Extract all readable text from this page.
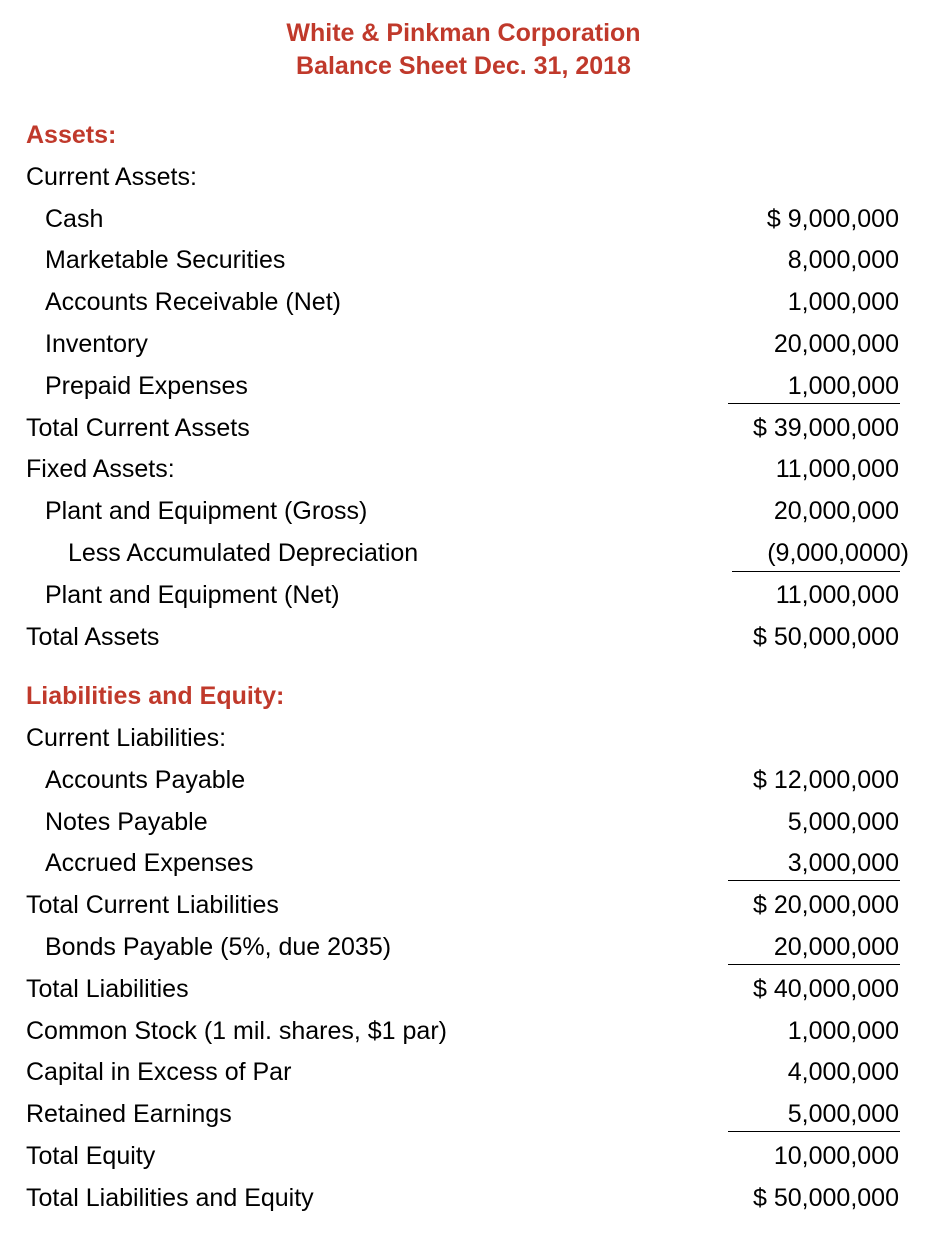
White & Pinkman Corporation
Balance Sheet Dec. 31, 2018
Assets:
Current Assets:
Cash	$ 9,000,000
Marketable Securities	8,000,000
Accounts Receivable (Net)	1,000,000
Inventory	20,000,000
Prepaid Expenses	1,000,000
Total Current Assets	$ 39,000,000
Fixed Assets:	11,000,000
Plant and Equipment (Gross)	20,000,000
Less Accumulated Depreciation	(9,000,0000)
Plant and Equipment (Net)	11,000,000
Total Assets	$ 50,000,000
Liabilities and Equity:
Current Liabilities:
Accounts Payable	$ 12,000,000
Notes Payable	5,000,000
Accrued Expenses	3,000,000
Total Current Liabilities	$ 20,000,000
Bonds Payable (5%, due 2035)	20,000,000
Total Liabilities	$ 40,000,000
Common Stock (1 mil. shares, $1 par)	1,000,000
Capital in Excess of Par	4,000,000
Retained Earnings	5,000,000
Total Equity	10,000,000
Total Liabilities and Equity	$ 50,000,000
